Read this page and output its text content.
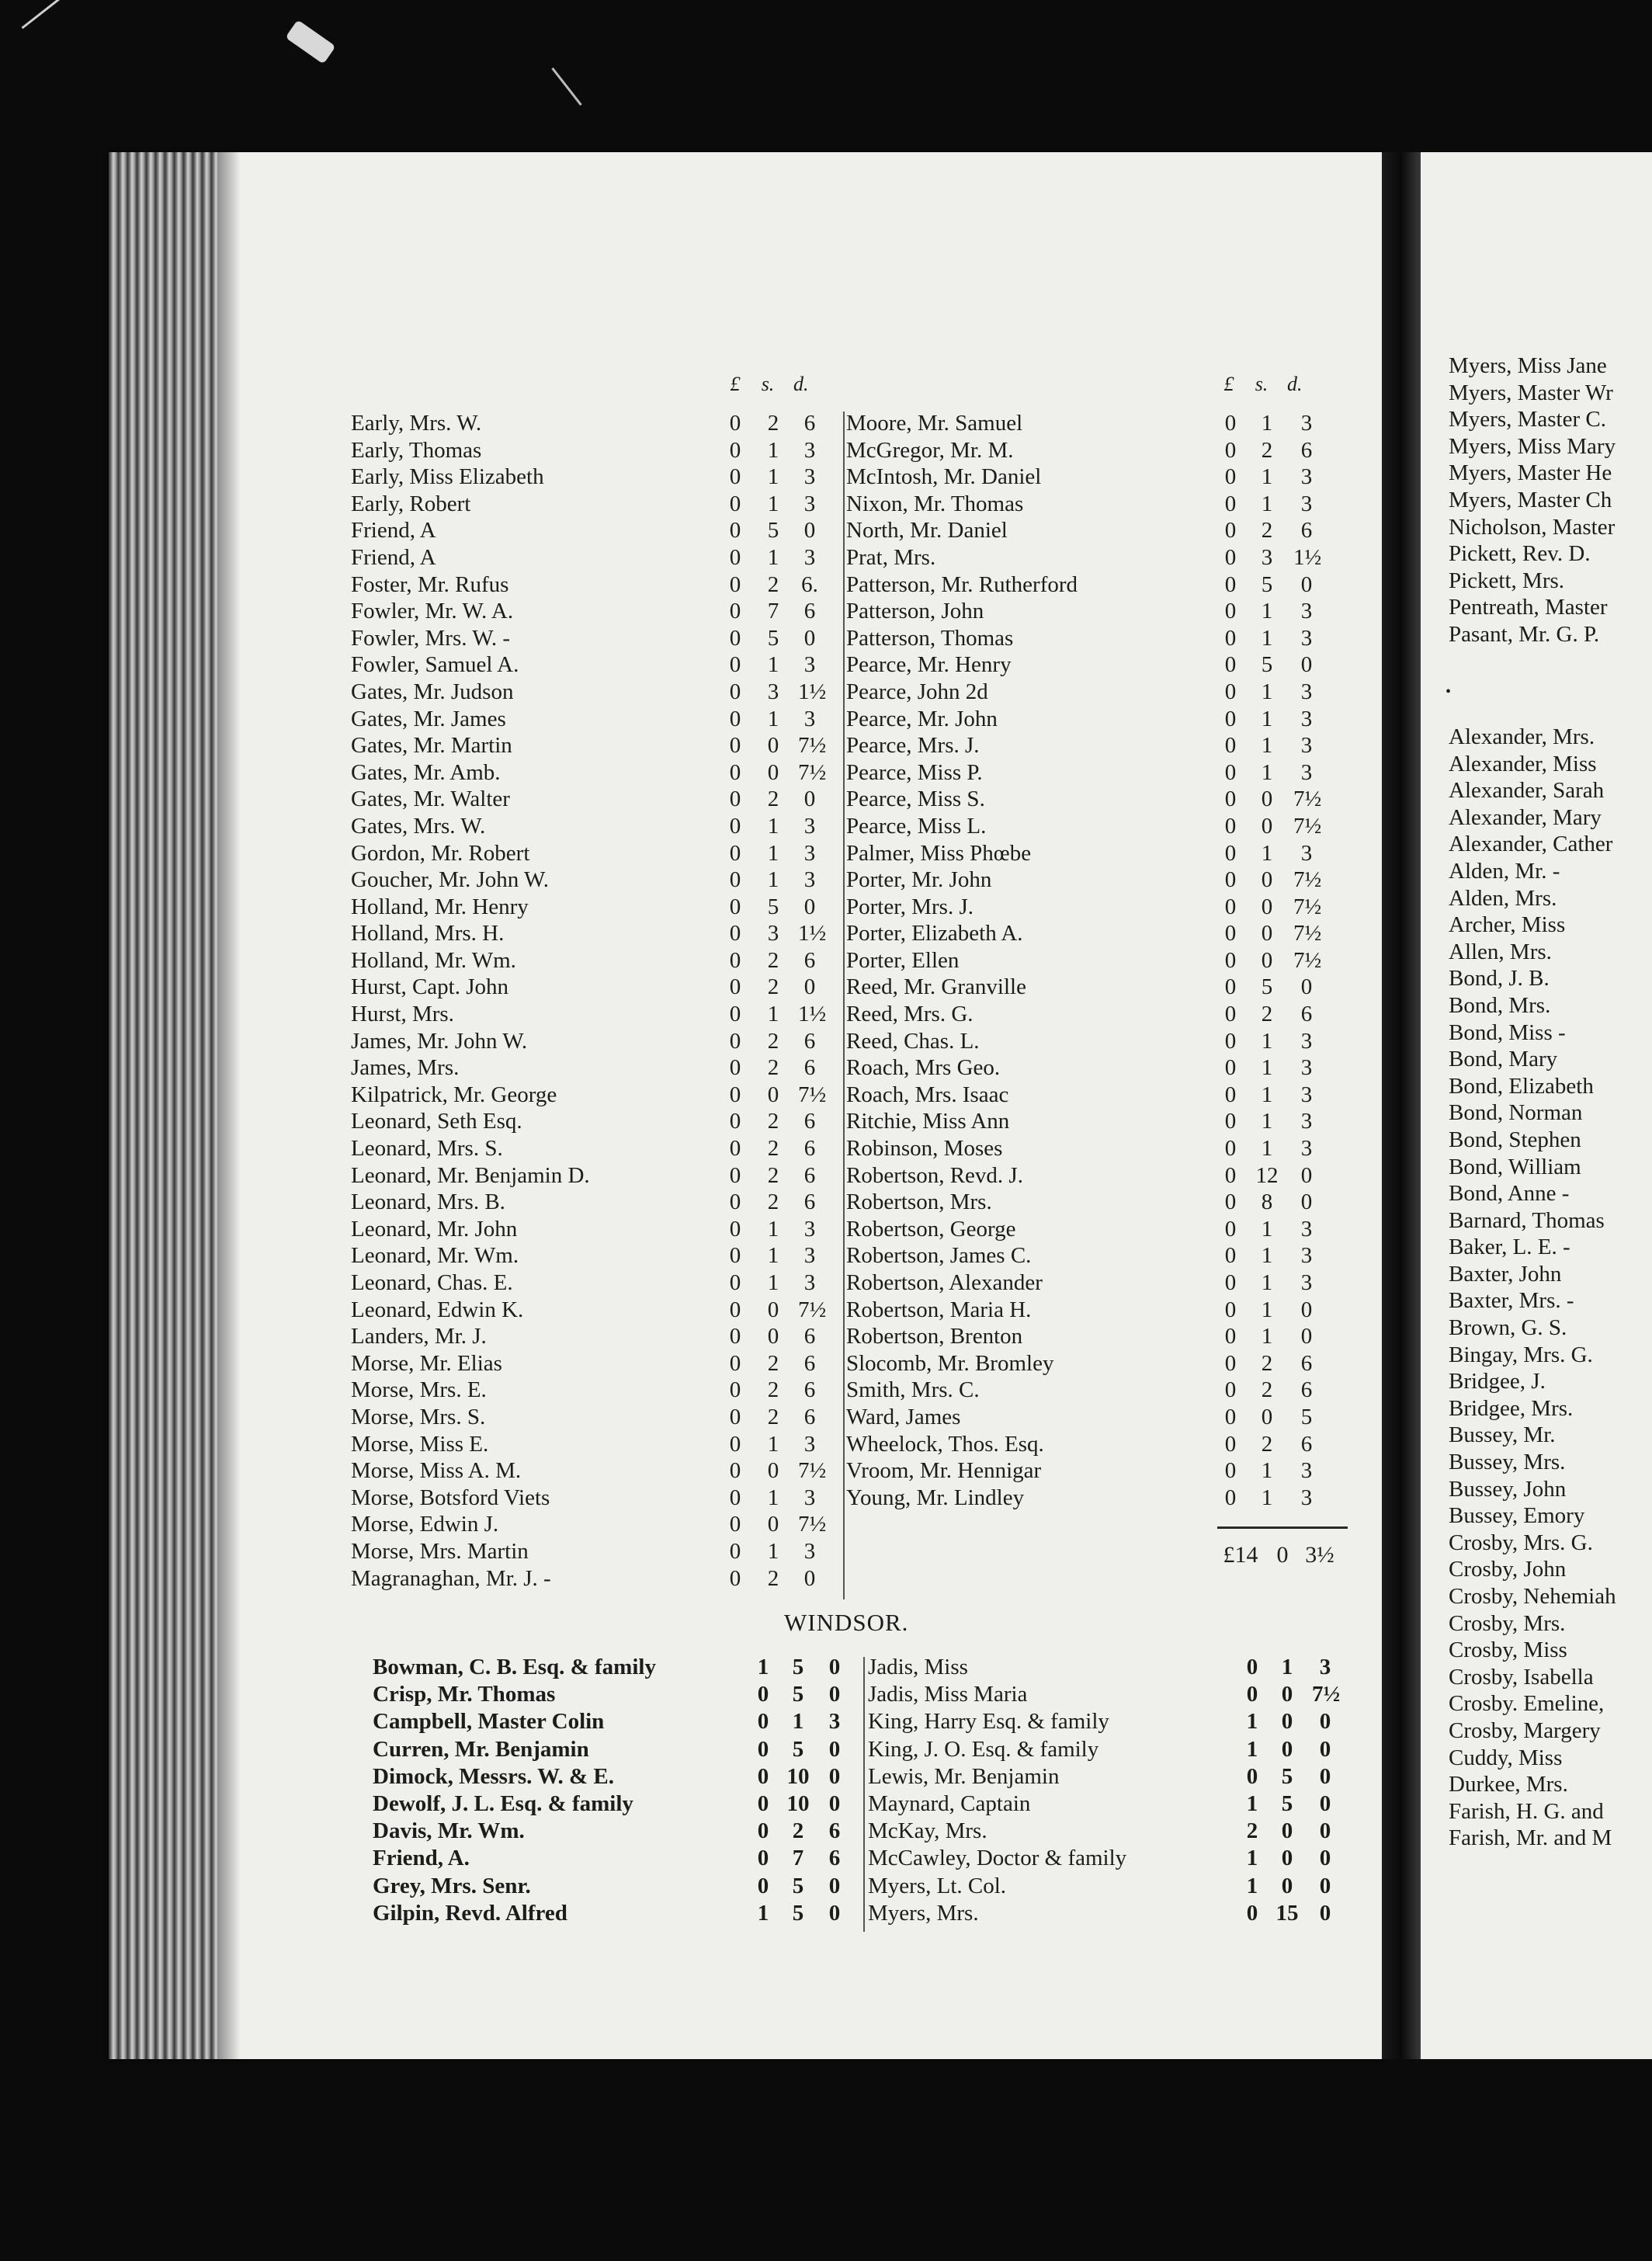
£ s. d.	£ s. d.
Early, Mrs. W.	0	2	6
Early, Thomas	0	1	3
Early, Miss Elizabeth	0	1	3
Early, Robert	0	1	3
Friend, A	0	5	0
Friend, A	0	1	3
Foster, Mr. Rufus	0	2 6.
Fowler, Mr. W. A.	0	7	6
Fowler, Mrs. W. -	0	5	0
Fowler, Samuel A.	0	1	3
Gates, Mr. Judson	0	3 1½
Gates, Mr. James	0	1	3
Gates, Mr. Martin	0	0 7½
Gates, Mr. Amb.	0	0 7½
Gates, Mr. Walter	0	2	0
Gates, Mrs. W.	0	1	3
Gordon, Mr. Robert	0	1	3
Goucher, Mr. John W.	0	1	3
Holland, Mr. Henry	0	5	0
Holland, Mrs. H.	0	3 1½
Holland, Mr. Wm.	0	2	6
Hurst, Capt. John	0	2	0
Hurst, Mrs.	0	1 1½
James, Mr. John W.	0	2	6
James, Mrs.	0	2	6
Kilpatrick, Mr. George	0	0 7½
Leonard, Seth Esq.	0	2	6
Leonard, Mrs. S.	0	2	6
Leonard, Mr. Benjamin D.	0	2	6
Leonard, Mrs. B.	0	2	6
Leonard, Mr. John	0	1	3
Leonard, Mr. Wm.	0	1	3
Leonard, Chas. E.	0	1	3
Leonard, Edwin K.	0	0 7½
Landers, Mr. J.	0	0	6
Morse, Mr. Elias	0	2	6
Morse, Mrs. E.	0	2	6
Morse, Mrs. S.	0	2	6
Morse, Miss E.	0	1	3
Morse, Miss A. M.	0	0 7½
Morse, Botsford Viets	0	1	3
Morse, Edwin J.	0	0 7½
Morse, Mrs. Martin	0	1	3
Magranaghan, Mr. J. -	0	2	0
Moore, Mr. Samuel	0	1	3
McGregor, Mr. M.	0	2	6
McIntosh, Mr. Daniel	0	1	3
Nixon, Mr. Thomas	0	1	3
North, Mr. Daniel	0	2	6
Prat, Mrs.	0	3 1½
Patterson, Mr. Rutherford	0	5	0
Patterson, John	0	1	3
Patterson, Thomas	0	1	3
Pearce, Mr. Henry	0	5	0
Pearce, John 2d	0	1	3
Pearce, Mr. John	0	1	3
Pearce, Mrs. J.	0	1	3
Pearce, Miss P.	0	1	3
Pearce, Miss S.	0	0 7½
Pearce, Miss L.	0	0 7½
Palmer, Miss Phœbe	0	1	3
Porter, Mr. John	0	0 7½
Porter, Mrs. J.	0	0 7½
Porter, Elizabeth A.	0	0 7½
Porter, Ellen	0	0 7½
Reed, Mr. Granville	0	5	0
Reed, Mrs. G.	0	2	6
Reed, Chas. L.	0	1	3
Roach, Mrs Geo.	0	1	3
Roach, Mrs. Isaac	0	1	3
Ritchie, Miss Ann	0	1	3
Robinson, Moses	0	1	3
Robertson, Revd. J.	0 12	0
Robertson, Mrs.	0	8	0
Robertson, George	0	1	3
Robertson, James C.	0	1	3
Robertson, Alexander	0	1	3
Robertson, Maria H.	0	1	0
Robertson, Brenton	0	1	0
Slocomb, Mr. Bromley	0	2	6
Smith, Mrs. C.	0	2	6
Ward, James	0	0	5
Wheelock, Thos. Esq.	0	2	6
Vroom, Mr. Hennigar	0	1	3
Young, Mr. Lindley	0	1	3
£14 0 3½
WINDSOR.
Bowman, C. B. Esq. & family	1	5	0
Crisp, Mr. Thomas	0	5	0
Campbell, Master Colin	0	1	3
Curren, Mr. Benjamin	0	5	0
Dimock, Messrs. W. & E.	0 10 0
Dewolf, J. L. Esq. & family	0 10 0
Davis, Mr. Wm.	0	2	6
Friend, A.	0	7	6
Grey, Mrs. Senr.	0	5	0
Gilpin, Revd. Alfred	1	5	0
Jadis, Miss	0	1	3
Jadis, Miss Maria	0	0 7½
King, Harry Esq. & family	1	0	0
King, J. O. Esq. & family	1	0	0
Lewis, Mr. Benjamin	0	5	0
Maynard, Captain	1	5	0
McKay, Mrs.	2	0	0
McCawley, Doctor & family	1	0	0
Myers, Lt. Col.	1	0	0
Myers, Mrs.	0 15 0
Myers, Miss Jane
Myers, Master Wr
Myers, Master C.
Myers, Miss Mary
Myers, Master He
Myers, Master Ch
Nicholson, Master
Pickett, Rev. D.
Pickett, Mrs.
Pentreath, Master
Pasant, Mr. G. P.
•
Alexander, Mrs.
Alexander, Miss
Alexander, Sarah
Alexander, Mary
Alexander, Cather
Alden, Mr. -
Alden, Mrs.
Archer, Miss
Allen, Mrs.
Bond, J. B.
Bond, Mrs.
Bond, Miss -
Bond, Mary
Bond, Elizabeth
Bond, Norman
Bond, Stephen
Bond, William
Bond, Anne -
Barnard, Thomas
Baker, L. E. -
Baxter, John
Baxter, Mrs. -
Brown, G. S.
Bingay, Mrs. G.
Bridgee, J.
Bridgee, Mrs.
Bussey, Mr.
Bussey, Mrs.
Bussey, John
Bussey, Emory
Crosby, Mrs. G.
Crosby, John
Crosby, Nehemiah
Crosby, Mrs.
Crosby, Miss
Crosby, Isabella
Crosby. Emeline,
Crosby, Margery
Cuddy, Miss
Durkee, Mrs.
Farish, H. G. and
Farish, Mr. and M
